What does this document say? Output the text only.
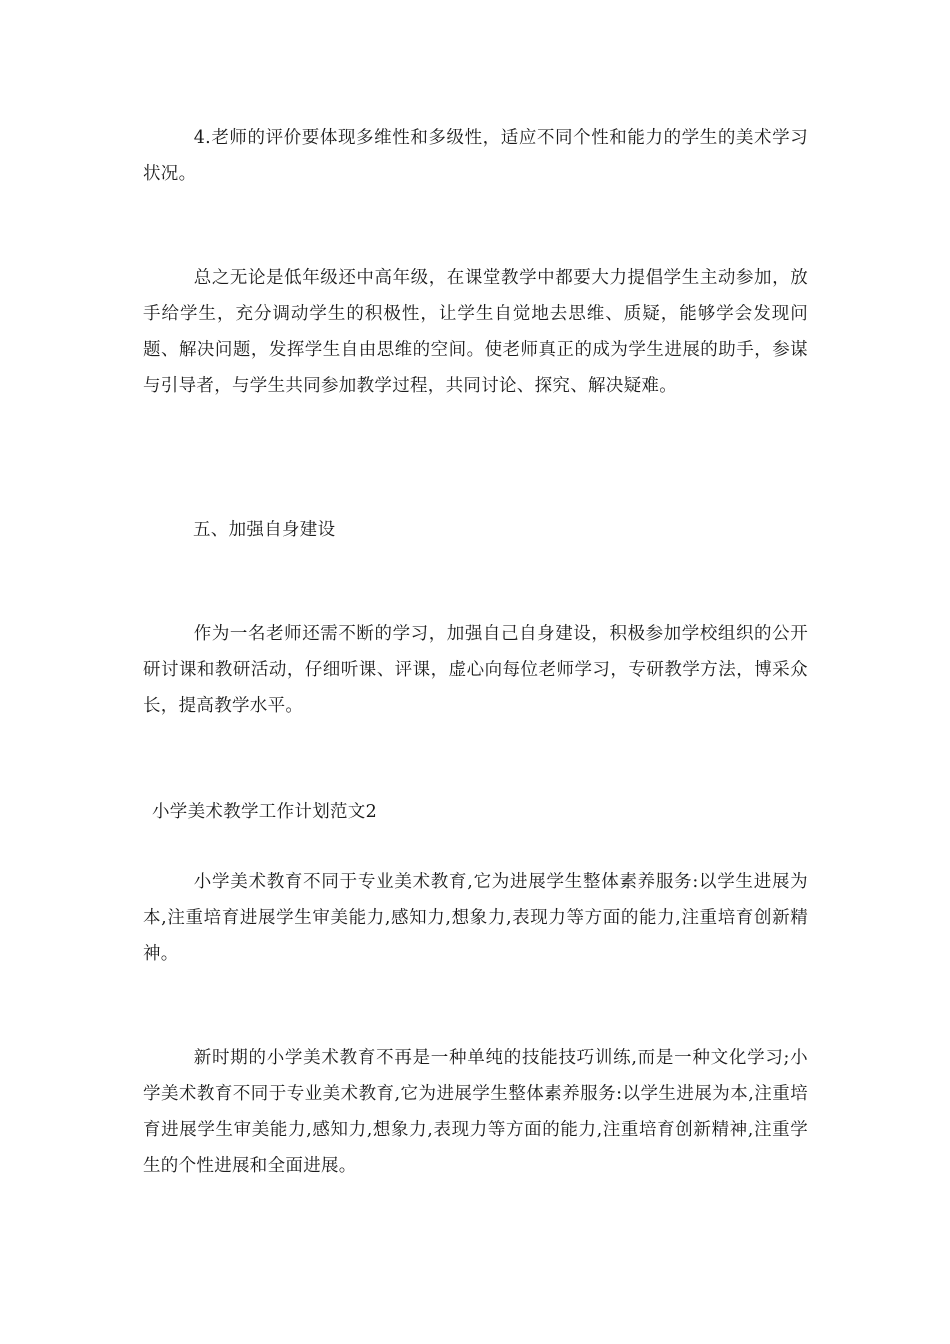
4.老师的评价要体现多维性和多级性，适应不同个性和能力的学生的美术学习状况。

总之无论是低年级还中高年级，在课堂教学中都要大力提倡学生主动参加，放手给学生，充分调动学生的积极性，让学生自觉地去思维、质疑，能够学会发现问题、解决问题，发挥学生自由思维的空间。使老师真正的成为学生进展的助手，参谋与引导者，与学生共同参加教学过程，共同讨论、探究、解决疑难。

五、加强自身建设

作为一名老师还需不断的学习，加强自己自身建设，积极参加学校组织的公开研讨课和教研活动，仔细听课、评课，虚心向每位老师学习，专研教学方法，博采众长，提高教学水平。

小学美术教学工作计划范文2

小学美术教育不同于专业美术教育,它为进展学生整体素养服务:以学生进展为本,注重培育进展学生审美能力,感知力,想象力,表现力等方面的能力,注重培育创新精神。

新时期的小学美术教育不再是一种单纯的技能技巧训练,而是一种文化学习;小学美术教育不同于专业美术教育,它为进展学生整体素养服务:以学生进展为本,注重培育进展学生审美能力,感知力,想象力,表现力等方面的能力,注重培育创新精神,注重学生的个性进展和全面进展。
